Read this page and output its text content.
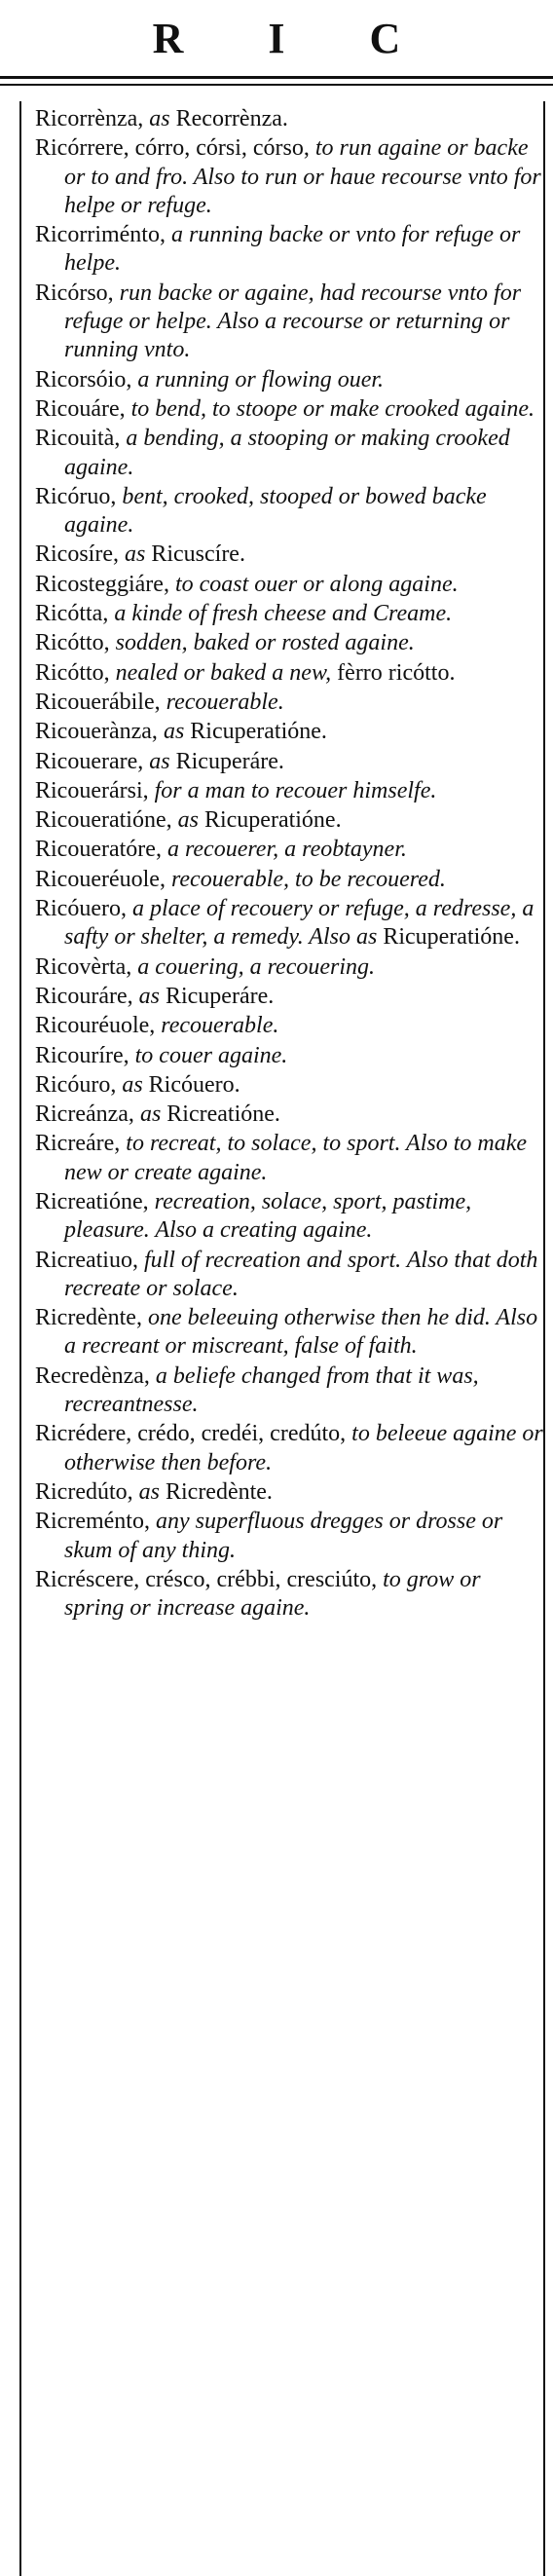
R I C
Ricorrènza, as Recorrènza.
Ricórrere, córro, córsi, córso, to run againe or backe or to and fro. Also to run or haue recourse vnto for helpe or refuge.
Ricorriménto, a running backe or vnto for refuge or helpe.
Ricórso, run backe or againe, had recourse vnto for refuge or helpe. Also a recourse or returning or running vnto.
Ricorsóio, a running or flowing ouer.
Ricouáre, to bend, to stoope or make crooked againe.
Ricouità, a bending, a stooping or making crooked againe.
Ricóruo, bent, crooked, stooped or bowed backe againe.
Ricosíre, as Ricuscíre.
Ricosteggiáre, to coast ouer or along againe.
Ricótta, a kinde of fresh cheese and Creame.
Ricótto, sodden, baked or rosted againe.
Ricótto, nealed or baked a new, fèrro ricótto.
Ricouerábile, recouerable.
Ricouerànza, as Ricuperatióne.
Ricouerare, as Ricuperáre.
Ricouerársi, for a man to recouer himselfe.
Ricoueratióne, as Ricuperatióne.
Ricoueratóre, a recouerer, a reobtayner.
Ricoueréuole, recouerable, to be recouered.
Ricóuero, a place of recouery or refuge, a redresse, a safty or shelter, a remedy. Also as Ricuperatióne.
Ricovèrta, a couering, a recouering.
Ricouráre, as Ricuperáre.
Ricouréuole, recouerable.
Ricouríre, to couer againe.
Ricóuro, as Ricóuero.
Ricreánza, as Ricreatióne.
Ricreáre, to recreat, to solace, to sport. Also to make new or create againe.
Ricreatióne, recreation, solace, sport, pastime, pleasure. Also a creating againe.
Ricreatiuo, full of recreation and sport. Also that doth recreate or solace.
Ricredènte, one beleeuing otherwise then he did. Also a recreant or miscreant, false of faith.
Recredènza, a beliefe changed from that it was, recreantnesse.
Ricrédere, crédo, credéi, credúto, to beleeue againe or otherwise then before.
Ricredúto, as Ricredènte.
Ricreménto, any superfluous dregges or drosse or skum of any thing.
Ricréscere, crésco, crébbi, cresciúto, to grow or spring or increase againe.
